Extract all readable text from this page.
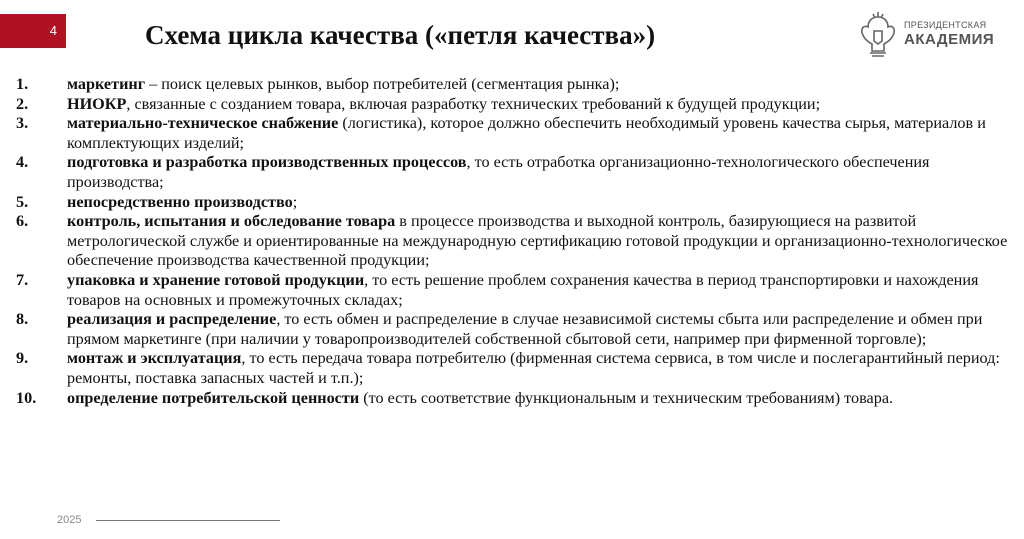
4	Схема цикла качества («петля качества»)	ПРЕЗИДЕНТСКАЯ
АКАДЕМИЯ
1. маркетинг – поиск целевых рынков, выбор потребителей (сегментация рынка);
2. НИОКР, связанные с созданием товара, включая разработку технических требований к будущей продукции;
3. материально-техническое снабжение (логистика), которое должно обеспечить необходимый уровень качества сырья, материалов и комплектующих изделий;
4. подготовка и разработка производственных процессов, то есть отработка организационно-технологического обеспечения производства;
5. непосредственно производство;
6. контроль, испытания и обследование товара в процессе производства и выходной контроль, базирующиеся на развитой метрологической службе и ориентированные на международную сертификацию готовой продукции и организационно-технологическое обеспечение производства качественной продукции;
7. упаковка и хранение готовой продукции, то есть решение проблем сохранения качества в период транспортировки и нахождения товаров на основных и промежуточных складах;
8. реализация и распределение, то есть обмен и распределение в случае независимой системы сбыта или распределение и обмен при прямом маркетинге (при наличии у товаропроизводителей собственной сбытовой сети, например при фирменной торговле);
9. монтаж и эксплуатация, то есть передача товара потребителю (фирменная система сервиса, в том числе и послегарантийный период: ремонты, поставка запасных частей и т.п.);
10. определение потребительской ценности (то есть соответствие функциональным и техническим требованиям) товара.
2025
